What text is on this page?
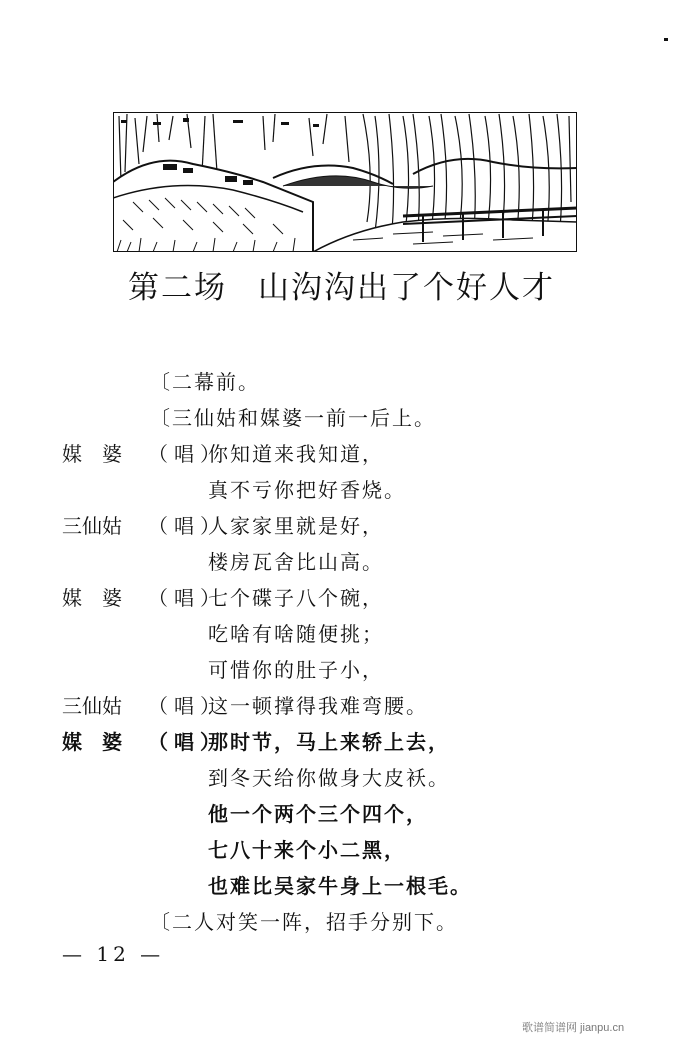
第二场 山沟沟出了个好人才
〔二幕前。
〔三仙姑和媒婆一前一后上。
媒婆 （唱）
你知道来我知道，
真不亏你把好香烧。
三仙姑 （唱）
人家家里就是好，
楼房瓦舍比山高。
媒婆 （唱）
七个碟子八个碗，
吃啥有啥随便挑；
可惜你的肚子小，
三仙姑 （唱）
这一顿撑得我难弯腰。
媒婆 （唱）
那时节，马上来轿上去，
到冬天给你做身大皮袄。
他一个两个三个四个，
七八十来个小二黑，
也难比吴家牛身上一根毛。
〔二人对笑一阵，招手分别下。
— 12 —
歌谱简谱网 jianpu.cn
